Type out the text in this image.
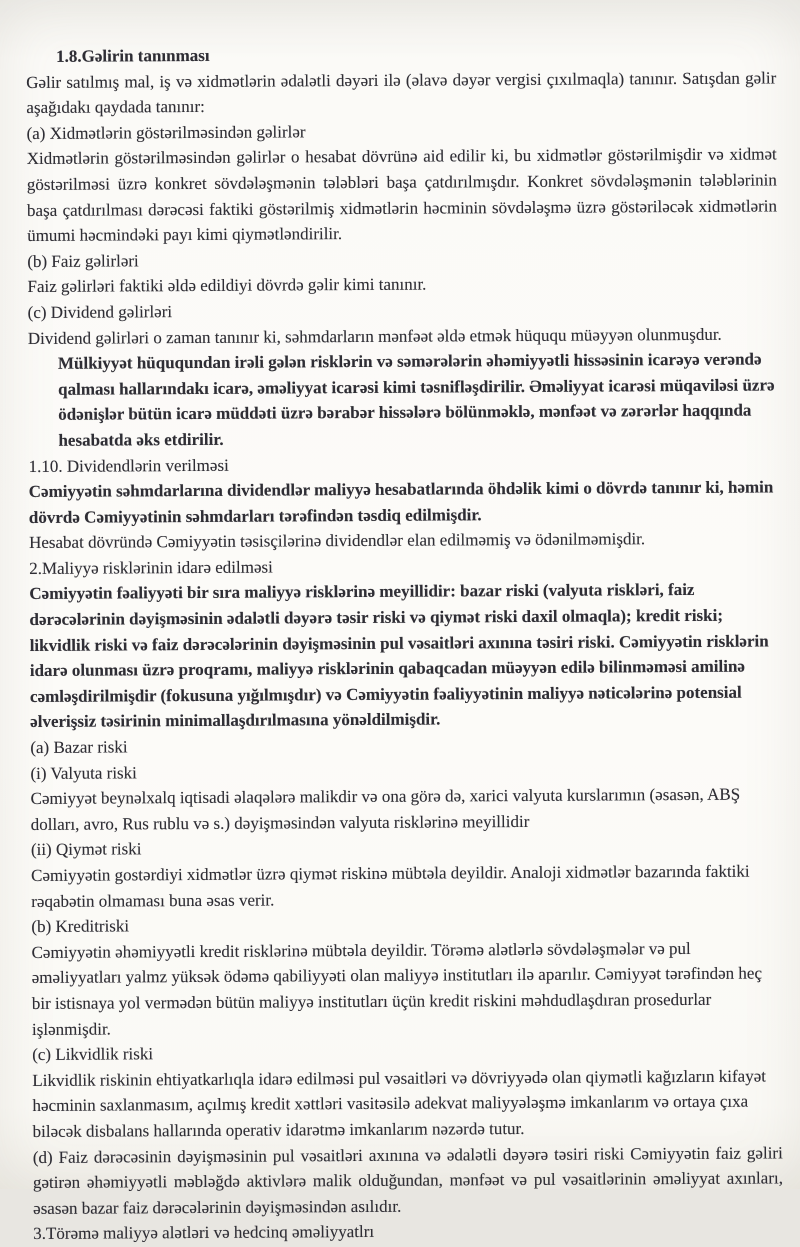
1.8.Gəlirin tanınması

Gəlir satılmış mal, iş və xidmətlərin ədalətli dəyəri ilə (əlavə dəyər vergisi çıxılmaqla) tanınır. Satışdan gəlir aşağıdakı qaydada tanınır:

(a) Xidmətlərin göstərilməsindən gəlirlər

Xidmətlərin göstərilməsindən gəlirlər o hesabat dövrünə aid edilir ki, bu xidmətlər göstərilmişdir və xidmət göstərilməsi üzrə konkret sövdələşmənin tələbləri başa çatdırılmışdır. Konkret sövdələşmənin tələblərinin başa çatdırılması dərəcəsi faktiki göstərilmiş xidmətlərin həcminin sövdələşmə üzrə göstəriləcək xidmətlərin ümumi həcmindəki payı kimi qiymətləndirilir.

(b) Faiz gəlirləri

Faiz gəlirləri faktiki əldə edildiyi dövrdə gəlir kimi tanınır.

(c) Dividend gəlirləri

Dividend gəlirləri o zaman tanınır ki, səhmdarların mənfəət əldə etmək hüququ müəyyən olunmuşdur.

Mülkiyyət hüququndan irəli gələn risklərin və səmərələrin əhəmiyyətli hissəsinin icarəyə verəndə qalması hallarındakı icarə, əməliyyat icarəsi kimi təsnifləşdirilir. Əməliyyat icarəsi müqaviləsi üzrə ödənişlər bütün icarə müddəti üzrə bərabər hissələrə bölünməklə, mənfəət və zərərlər haqqında hesabatda əks etdirilir.

1.10. Dividendlərin verilməsi

Cəmiyyətin səhmdarlarına dividendlər maliyyə hesabatlarında öhdəlik kimi o dövrdə tanınır ki, həmin dövrdə Cəmiyyətinin səhmdarları tərəfindən təsdiq edilmişdir.

Hesabat dövründə Cəmiyyətin təsisçilərinə dividendlər elan edilməmiş və ödənilməmişdir.

2.Maliyyə risklərinin idarə edilməsi

Cəmiyyətin fəaliyyəti bir sıra maliyyə risklərinə meyillidir: bazar riski (valyuta riskləri, faiz dərəcələrinin dəyişməsinin ədalətli dəyərə təsir riski və qiymət riski daxil olmaqla); kredit riski; likvidlik riski və faiz dərəcələrinin dəyişməsinin pul vəsaitləri axınına təsiri riski. Cəmiyyətin risklərin idarə olunması üzrə proqramı, maliyyə risklərinin qabaqcadan müəyyən edilə bilinməməsi amilinə cəmləşdirilmişdir (fokusuna yığılmışdır) və Cəmiyyətin fəaliyyətinin maliyyə nəticələrinə potensial əlverişsiz təsirinin minimallaşdırılmasına yönəldilmişdir.

(a) Bazar riski

(i) Valyuta riski

Cəmiyyət beynəlxalq iqtisadi əlaqələrə malikdir və ona görə də, xarici valyuta kurslarımın (əsasən, ABŞ dolları, avro, Rus rublu və s.) dəyişməsindən valyuta risklərinə meyillidir

(ii) Qiymət riski

Cəmiyyətin gostərdiyi xidmətlər üzrə qiymət riskinə mübtəla deyildir. Analoji xidmətlər bazarında faktiki rəqabətin olmaması buna əsas verir.

(b) Kreditriski

Cəmiyyətin əhəmiyyətli kredit risklərinə mübtəla deyildir. Törəmə alətlərlə sövdələşmələr və pul əməliyyatları yalmz yüksək ödəmə qabiliyyəti olan maliyyə institutları ilə aparılır. Cəmiyyət tərəfindən heç bir istisnaya yol vermədən bütün maliyyə institutları üçün kredit riskini məhdudlaşdıran prosedurlar işlənmişdir.

(c) Likvidlik riski

Likvidlik riskinin ehtiyatkarlıqla idarə edilməsi pul vəsaitləri və dövriyyədə olan qiymətli kağızların kifayət həcminin saxlanmasım, açılmış kredit xəttləri vasitəsilə adekvat maliyyələşmə imkanlarım və ortaya çıxa biləcək disbalans hallarında operativ idarətmə imkanlarım nəzərdə tutur.

(d) Faiz dərəcəsinin dəyişməsinin pul vəsaitləri axınına və ədalətli dəyərə təsiri riski Cəmiyyətin faiz gəliri gətirən əhəmiyyətli məbləğdə aktivlərə malik olduğundan, mənfəət və pul vəsaitlərinin əməliyyat axınları, əsasən bazar faiz dərəcələrinin dəyişməsindən asılıdır.

3.Törəmə maliyyə alətləri və hedcinq əməliyyatlrı
